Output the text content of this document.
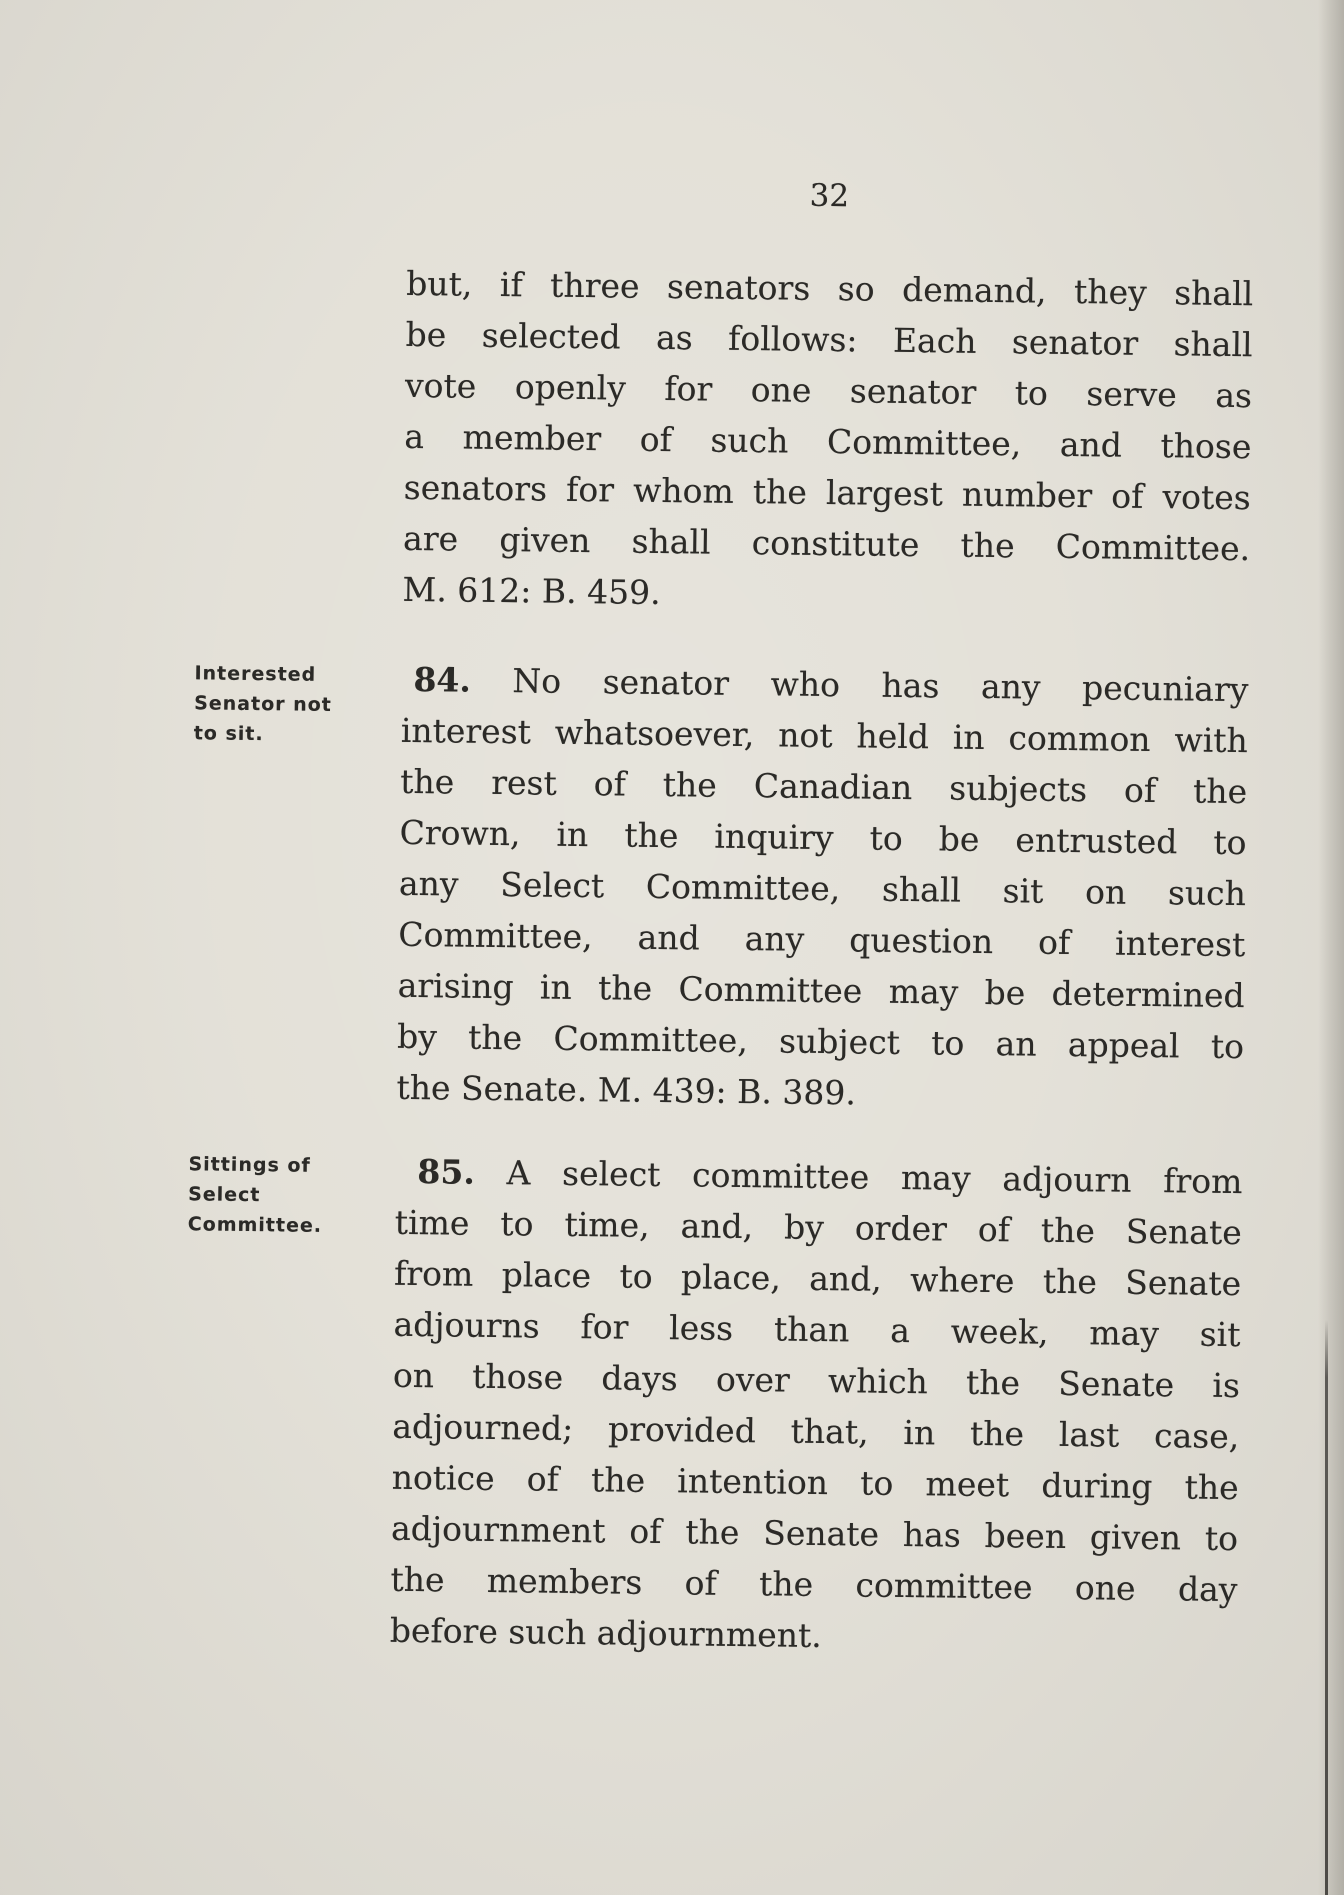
32
but, if three senators so demand, they shall
be selected as follows: Each senator shall
vote openly for one senator to serve as
a member of such Committee, and those
senators for whom the largest number of votes
are given shall constitute the Committee.
M. 612: B. 459.
Interested
Senator not
to sit.
84. No senator who has any pecuniary
interest whatsoever, not held in common with
the rest of the Canadian subjects of the
Crown, in the inquiry to be entrusted to
any Select Committee, shall sit on such
Committee, and any question of interest
arising in the Committee may be determined
by the Committee, subject to an appeal to
the Senate. M. 439: B. 389.
Sittings of
Select
Committee.
85. A select committee may adjourn from
time to time, and, by order of the Senate
from place to place, and, where the Senate
adjourns for less than a week, may sit
on those days over which the Senate is
adjourned; provided that, in the last case,
notice of the intention to meet during the
adjournment of the Senate has been given to
the members of the committee one day
before such adjournment.
